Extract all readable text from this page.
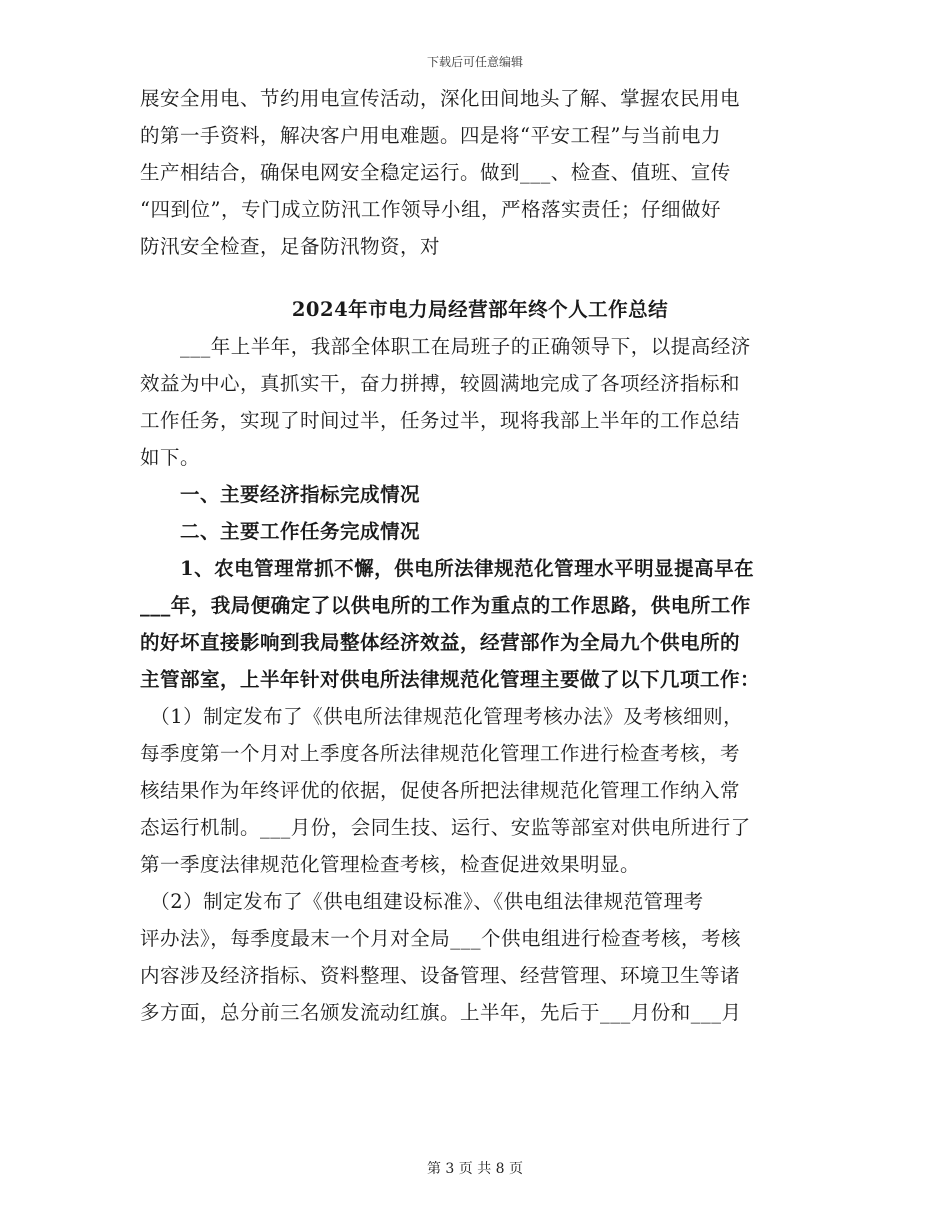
下载后可任意编辑
展安全用电、节约用电宣传活动，深化田间地头了解、掌握农民用电
的第一手资料，解决客户用电难题。四是将“平安工程”与当前电力
生产相结合，确保电网安全稳定运行。做到___、检查、值班、宣传
“四到位”，专门成立防汛工作领导小组，严格落实责任；仔细做好
防汛安全检查，足备防汛物资，对
2024年市电力局经营部年终个人工作总结
　　___年上半年，我部全体职工在局班子的正确领导下，以提高经济
效益为中心，真抓实干，奋力拼搏，较圆满地完成了各项经济指标和
工作任务，实现了时间过半，任务过半，现将我部上半年的工作总结
如下。
　　一、主要经济指标完成情况
　　二、主要工作任务完成情况
　　1、农电管理常抓不懈，供电所法律规范化管理水平明显提高早在
___年，我局便确定了以供电所的工作为重点的工作思路，供电所工作
的好坏直接影响到我局整体经济效益，经营部作为全局九个供电所的
主管部室，上半年针对供电所法律规范化管理主要做了以下几项工作：
　（1）制定发布了《供电所法律规范化管理考核办法》及考核细则，
每季度第一个月对上季度各所法律规范化管理工作进行检查考核，考
核结果作为年终评优的依据，促使各所把法律规范化管理工作纳入常
态运行机制。___月份，会同生技、运行、安监等部室对供电所进行了
第一季度法律规范化管理检查考核，检查促进效果明显。
　（2）制定发布了《供电组建设标准》、《供电组法律规范管理考
评办法》，每季度最末一个月对全局___个供电组进行检查考核，考核
内容涉及经济指标、资料整理、设备管理、经营管理、环境卫生等诸
多方面，总分前三名颁发流动红旗。上半年，先后于___月份和___月
第 3 页 共 8 页
